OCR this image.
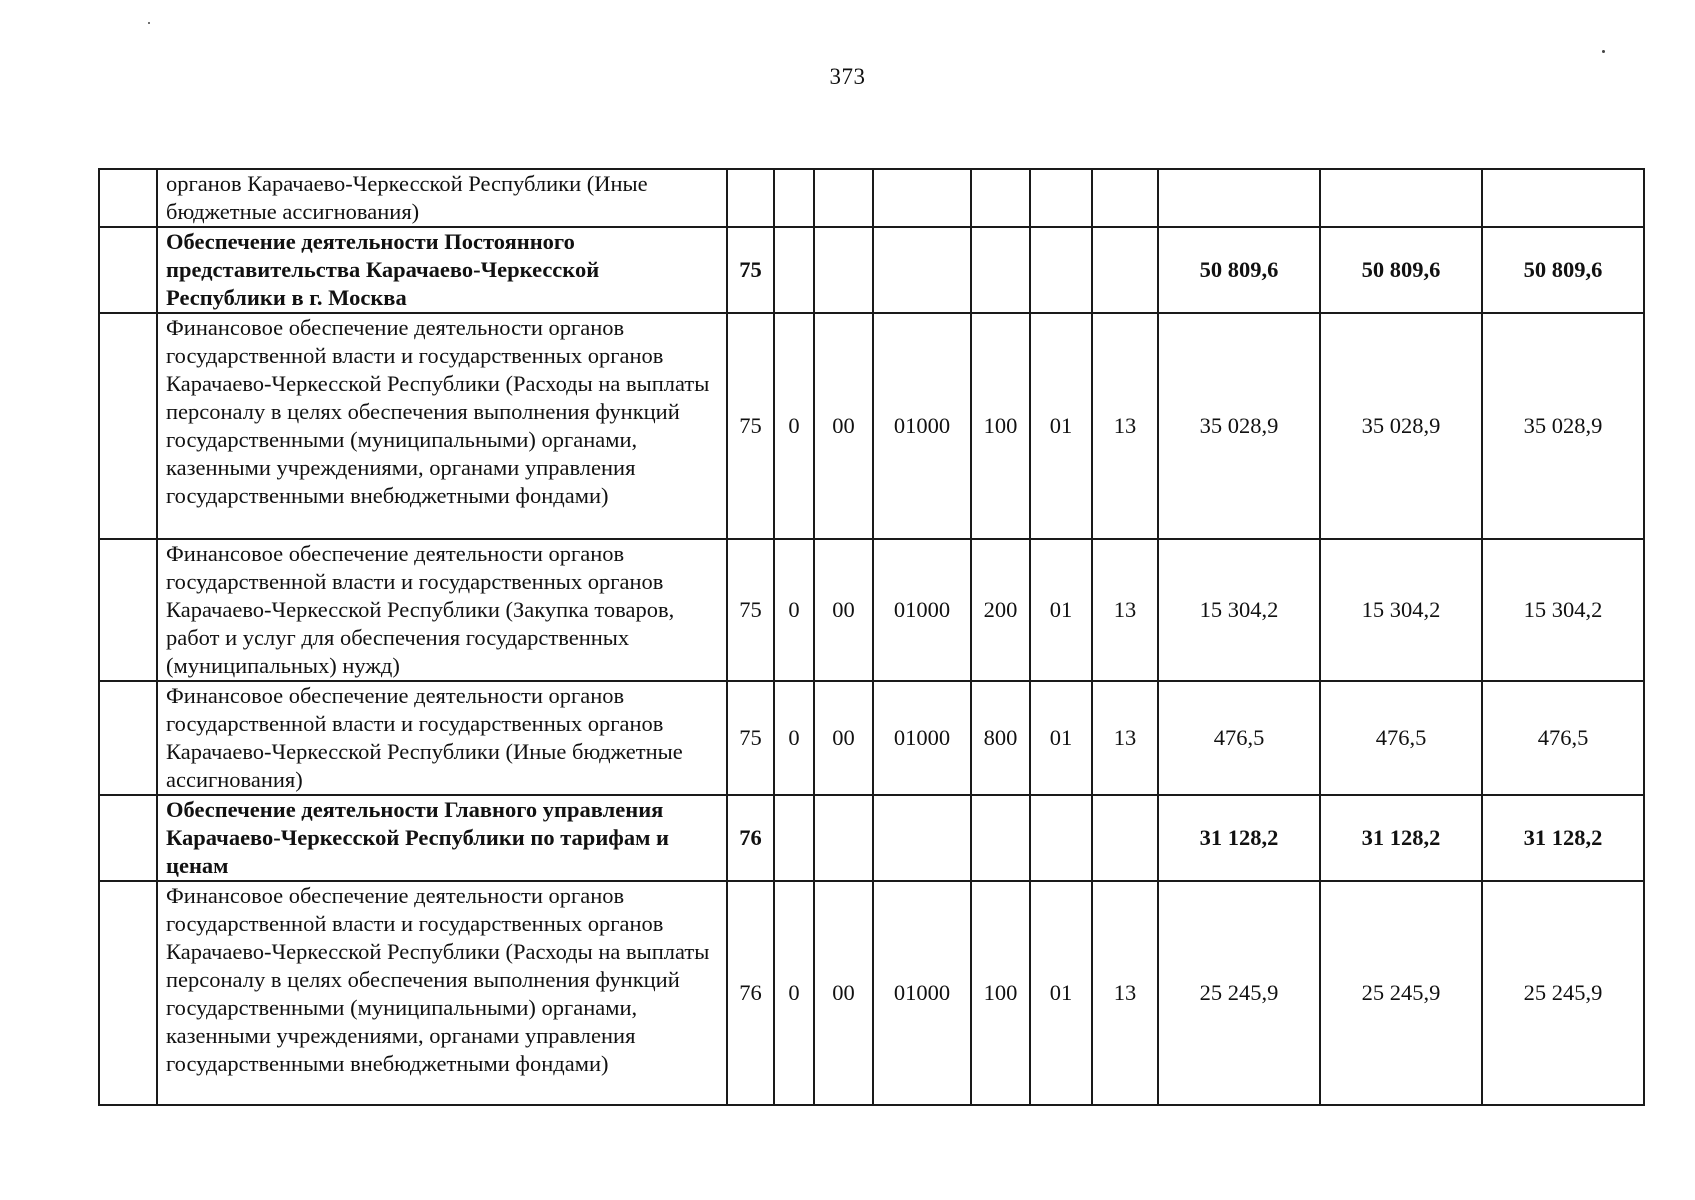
373
	органов Карачаево-Черкесской Республики (Иные бюджетные ассигнования)										
	Обеспечение деятельности Постоянного представительства Карачаево-Черкесской Республики в г. Москва	75							50 809,6	50 809,6	50 809,6
	Финансовое обеспечение деятельности органов государственной власти и государственных органов Карачаево-Черкесской Республики (Расходы на выплаты персоналу в целях обеспечения выполнения функций государственными (муниципальными) органами, казенными учреждениями, органами управления государственными внебюджетными фондами)	75	0	00	01000	100	01	13	35 028,9	35 028,9	35 028,9
	Финансовое обеспечение деятельности органов государственной власти и государственных органов Карачаево-Черкесской Республики (Закупка товаров, работ и услуг для обеспечения государственных (муниципальных) нужд)	75	0	00	01000	200	01	13	15 304,2	15 304,2	15 304,2
	Финансовое обеспечение деятельности органов государственной власти и государственных органов Карачаево-Черкесской Республики (Иные бюджетные ассигнования)	75	0	00	01000	800	01	13	476,5	476,5	476,5
	Обеспечение деятельности Главного управления Карачаево-Черкесской Республики по тарифам и ценам	76							31 128,2	31 128,2	31 128,2
	Финансовое обеспечение деятельности органов государственной власти и государственных органов Карачаево-Черкесской Республики (Расходы на выплаты персоналу в целях обеспечения выполнения функций государственными (муниципальными) органами, казенными учреждениями, органами управления государственными внебюджетными фондами)	76	0	00	01000	100	01	13	25 245,9	25 245,9	25 245,9
